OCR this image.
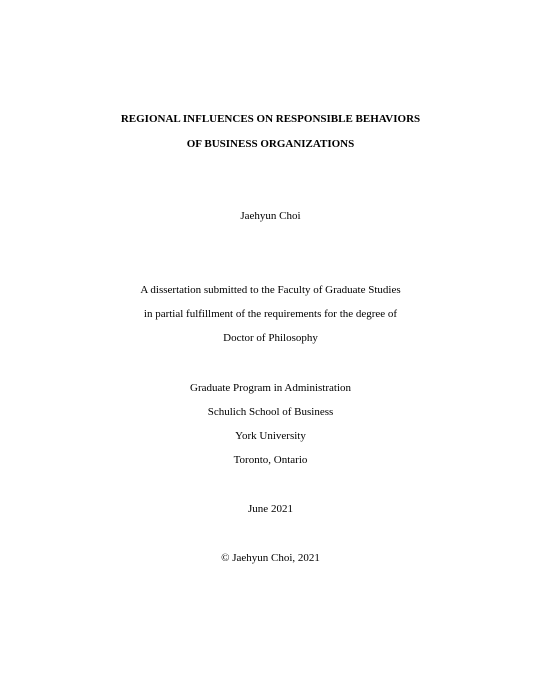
REGIONAL INFLUENCES ON RESPONSIBLE BEHAVIORS
OF BUSINESS ORGANIZATIONS
Jaehyun Choi
A dissertation submitted to the Faculty of Graduate Studies
in partial fulfillment of the requirements for the degree of
Doctor of Philosophy
Graduate Program in Administration
Schulich School of Business
York University
Toronto, Ontario
June 2021
© Jaehyun Choi, 2021
